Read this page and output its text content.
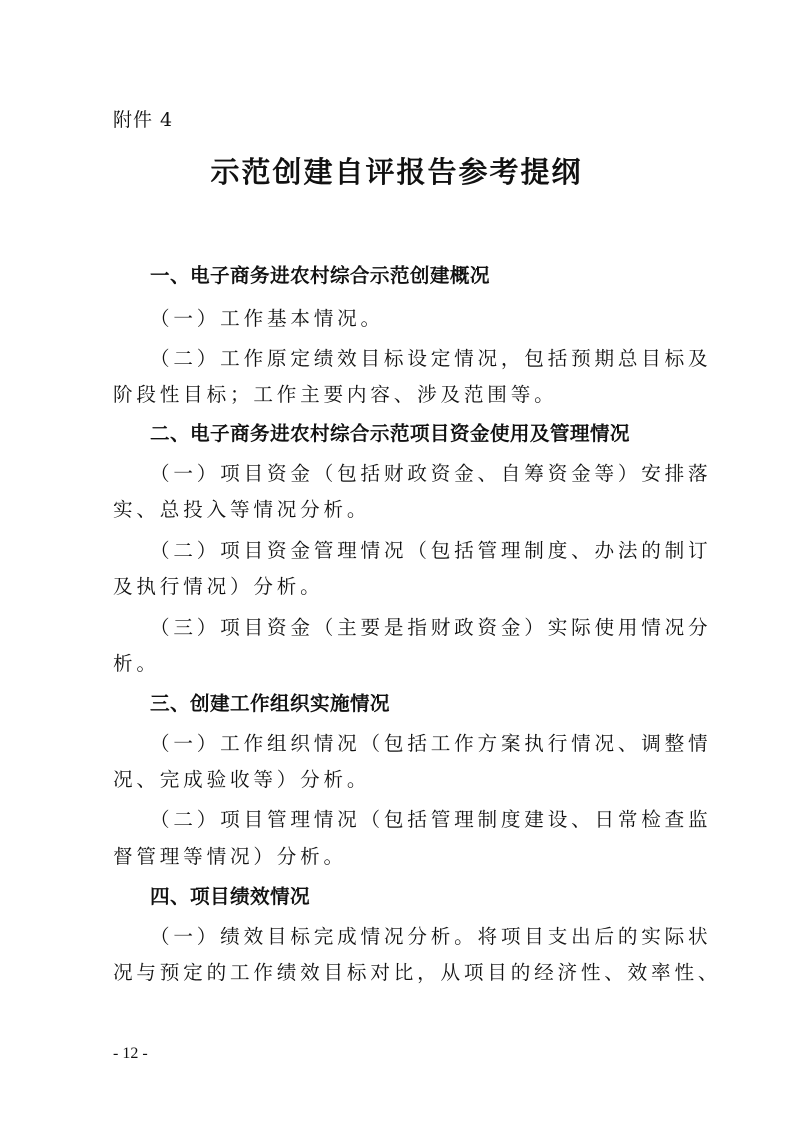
附件 4
示范创建自评报告参考提纲
一、电子商务进农村综合示范创建概况
（一）工作基本情况。
（二）工作原定绩效目标设定情况，包括预期总目标及
阶段性目标；工作主要内容、涉及范围等。
二、电子商务进农村综合示范项目资金使用及管理情况
（一）项目资金（包括财政资金、自筹资金等）安排落
实、总投入等情况分析。
（二）项目资金管理情况（包括管理制度、办法的制订
及执行情况）分析。
（三）项目资金（主要是指财政资金）实际使用情况分
析。
三、创建工作组织实施情况
（一）工作组织情况（包括工作方案执行情况、调整情
况、完成验收等）分析。
（二）项目管理情况（包括管理制度建设、日常检查监
督管理等情况）分析。
四、项目绩效情况
（一）绩效目标完成情况分析。将项目支出后的实际状
况与预定的工作绩效目标对比，从项目的经济性、效率性、
- 12 -
